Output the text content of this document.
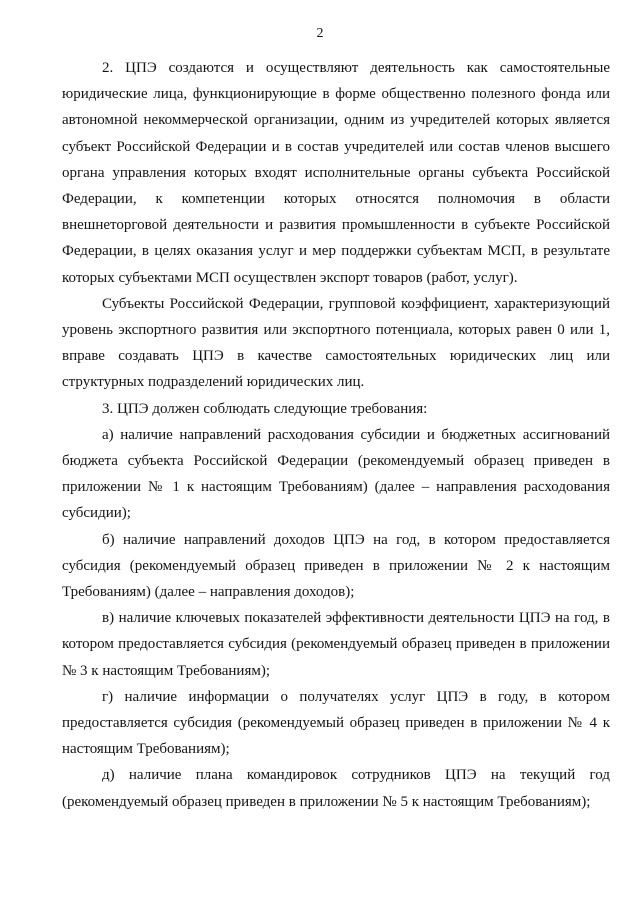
2

2. ЦПЭ создаются и осуществляют деятельность как самостоятельные юридические лица, функционирующие в форме общественно полезного фонда или автономной некоммерческой организации, одним из учредителей которых является субъект Российской Федерации и в состав учредителей или состав членов высшего органа управления которых входят исполнительные органы субъекта Российской Федерации, к компетенции которых относятся полномочия в области внешнеторговой деятельности и развития промышленности в субъекте Российской Федерации, в целях оказания услуг и мер поддержки субъектам МСП, в результате которых субъектами МСП осуществлен экспорт товаров (работ, услуг).

Субъекты Российской Федерации, групповой коэффициент, характеризующий уровень экспортного развития или экспортного потенциала, которых равен 0 или 1, вправе создавать ЦПЭ в качестве самостоятельных юридических лиц или структурных подразделений юридических лиц.

3. ЦПЭ должен соблюдать следующие требования:

а) наличие направлений расходования субсидии и бюджетных ассигнований бюджета субъекта Российской Федерации (рекомендуемый образец приведен в приложении № 1 к настоящим Требованиям) (далее – направления расходования субсидии);

б) наличие направлений доходов ЦПЭ на год, в котором предоставляется субсидия (рекомендуемый образец приведен в приложении № 2 к настоящим Требованиям) (далее – направления доходов);

в) наличие ключевых показателей эффективности деятельности ЦПЭ на год, в котором предоставляется субсидия (рекомендуемый образец приведен в приложении № 3 к настоящим Требованиям);

г) наличие информации о получателях услуг ЦПЭ в году, в котором предоставляется субсидия (рекомендуемый образец приведен в приложении № 4 к настоящим Требованиям);

д) наличие плана командировок сотрудников ЦПЭ на текущий год (рекомендуемый образец приведен в приложении № 5 к настоящим Требованиям);
